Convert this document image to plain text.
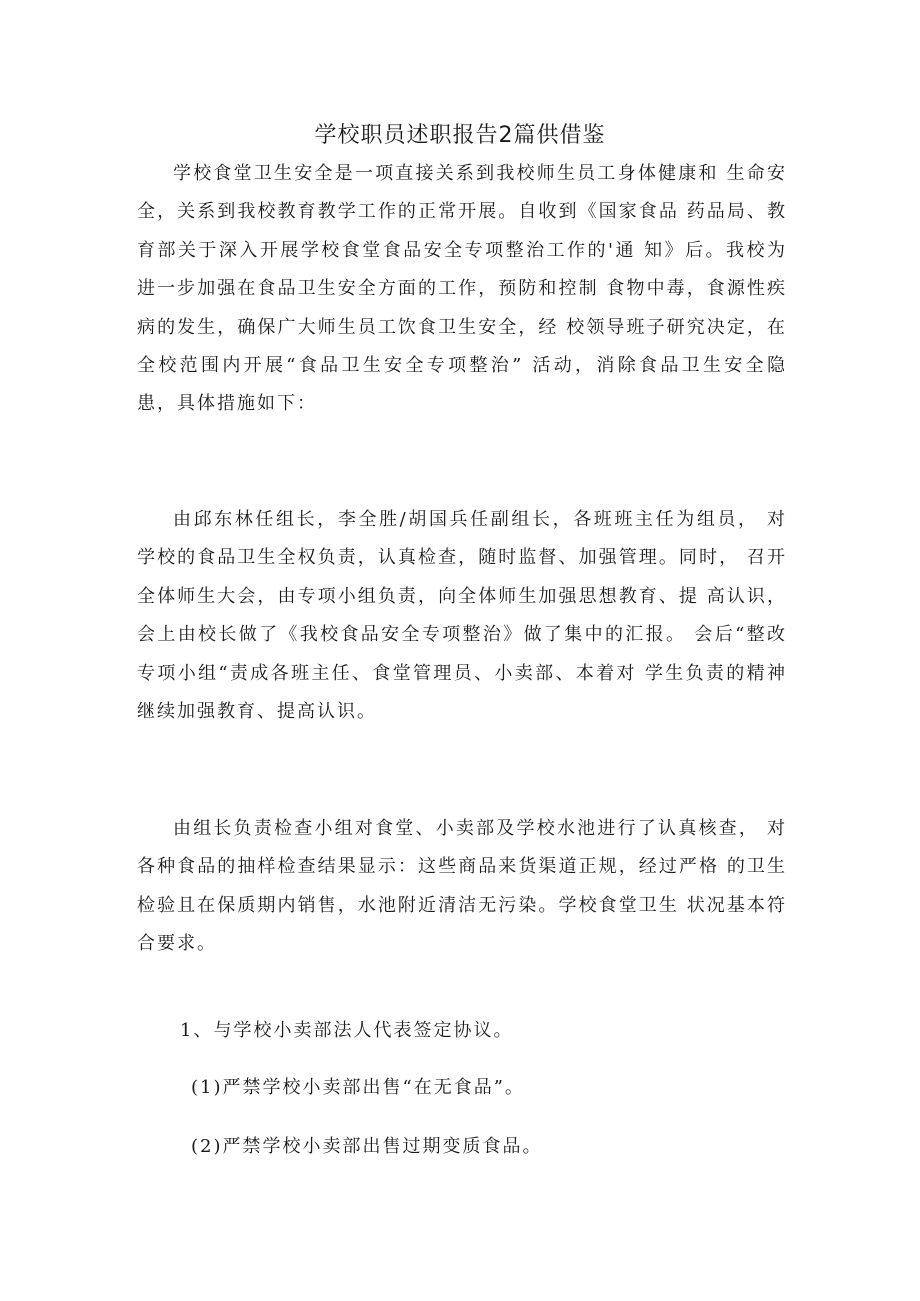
学校职员述职报告2篇供借鉴

学校食堂卫生安全是一项直接关系到我校师生员工身体健康和 生命安全，关系到我校教育教学工作的正常开展。自收到《国家食品 药品局、教育部关于深入开展学校食堂食品安全专项整治工作的'通 知》后。我校为进一步加强在食品卫生安全方面的工作，预防和控制 食物中毒，食源性疾病的发生，确保广大师生员工饮食卫生安全，经 校领导班子研究决定，在全校范围内开展“食品卫生安全专项整治” 活动，消除食品卫生安全隐患，具体措施如下：

由邱东林任组长，李全胜/胡国兵任副组长，各班班主任为组员， 对学校的食品卫生全权负责，认真检查，随时监督、加强管理。同时， 召开全体师生大会，由专项小组负责，向全体师生加强思想教育、提 高认识，会上由校长做了《我校食品安全专项整治》做了集中的汇报。 会后“整改专项小组“责成各班主任、食堂管理员、小卖部、本着对 学生负责的精神继续加强教育、提高认识。

由组长负责检查小组对食堂、小卖部及学校水池进行了认真核查， 对各种食品的抽样检查结果显示：这些商品来货渠道正规，经过严格 的卫生检验且在保质期内销售，水池附近清洁无污染。学校食堂卫生 状况基本符合要求。

1、与学校小卖部法人代表签定协议。

(1)严禁学校小卖部出售“在无食品”。

(2)严禁学校小卖部出售过期变质食品。
